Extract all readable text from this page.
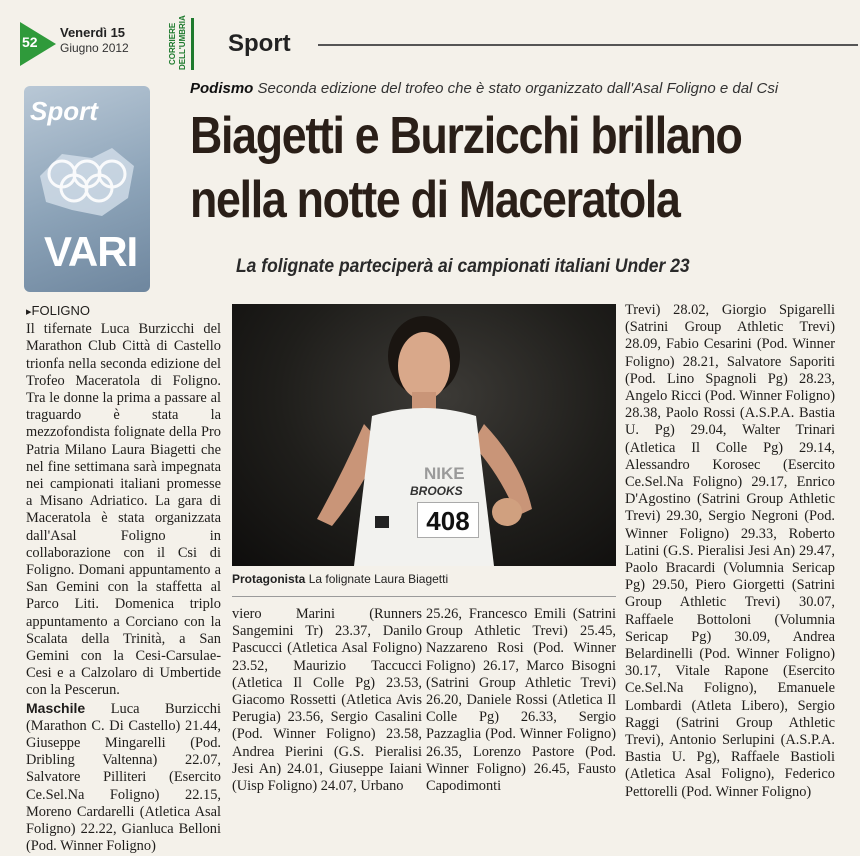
52
Venerdì 15
Giugno 2012	CORRIERE DELL'UMBRIA Sport
Sport
VARI
Podismo Seconda edizione del trofeo che è stato organizzato dall'Asal Foligno e dal Csi
Biagetti e Burzicchi brillano
nella notte di Maceratola
La folignate parteciperà ai campionati italiani Under 23
▸ FOLIGNO
Il tifernate Luca Burzicchi del Marathon Club Città di Castello trionfa nella seconda edizione del Trofeo Maceratola di Foligno. Tra le donne la prima a passare al traguardo è stata la mezzofondista folignate della Pro Patria Milano Laura Biagetti che nel fine settimana sarà impegnata nei campionati italiani promesse a Misano Adriatico. La gara di Maceratola è stata organizzata dall'Asal Foligno in collaborazione con il Csi di Foligno. Domani appuntamento a San Gemini con la staffetta al Parco Liti. Domenica triplo appuntamento a Corciano con la Scalata della Trinità, a San Gemini con la Cesi-Carsulae-Cesi e a Calzolaro di Umbertide con la Pescerun.
Maschile Luca Burzicchi (Marathon C. Di Castello) 21.44, Giuseppe Mingarelli (Pod. Dribling Valtenna) 22.07, Salvatore Pilliteri (Esercito Ce.Sel.Na Foligno) 22.15, Moreno Cardarelli (Atletica Asal Foligno) 22.22, Gianluca Belloni (Pod. Winner Foligno)
NIKE
BROOKS
408
Protagonista La folignate Laura Biagetti
viero Marini (Runners Sangemini Tr) 23.37, Danilo Pascucci (Atletica Asal Foligno) 23.52, Maurizio Taccucci (Atletica Il Colle Pg) 23.53, Giacomo Rossetti (Atletica Avis Perugia) 23.56, Sergio Casalini (Pod. Winner Foligno) 23.58, Andrea Pierini (G.S. Pieralisi Jesi An) 24.01, Giuseppe Iaiani (Uisp Foligno) 24.07, Urbano
25.26, Francesco Emili (Satrini Group Athletic Trevi) 25.45, Nazzareno Rosi (Pod. Winner Foligno) 26.17, Marco Bisogni (Satrini Group Athletic Trevi) 26.20, Daniele Rossi (Atletica Il Colle Pg) 26.33, Sergio Pazzaglia (Pod. Winner Foligno) 26.35, Lorenzo Pastore (Pod. Winner Foligno) 26.45, Fausto Capodimonti
Trevi) 28.02, Giorgio Spigarelli (Satrini Group Athletic Trevi) 28.09, Fabio Cesarini (Pod. Winner Foligno) 28.21, Salvatore Saporiti (Pod. Lino Spagnoli Pg) 28.23, Angelo Ricci (Pod. Winner Foligno) 28.38, Paolo Rossi (A.S.P.A. Bastia U. Pg) 29.04, Walter Trinari (Atletica Il Colle Pg) 29.14, Alessandro Korosec (Esercito Ce.Sel.Na Foligno) 29.17, Enrico D'Agostino (Satrini Group Athletic Trevi) 29.30, Sergio Negroni (Pod. Winner Foligno) 29.33, Roberto Latini (G.S. Pieralisi Jesi An) 29.47, Paolo Bracardi (Volumnia Sericap Pg) 29.50, Piero Giorgetti (Satrini Group Athletic Trevi) 30.07, Raffaele Bottoloni (Volumnia Sericap Pg) 30.09, Andrea Belardinelli (Pod. Winner Foligno) 30.17, Vitale Rapone (Esercito Ce.Sel.Na Foligno), Emanuele Lombardi (Atleta Libero), Sergio Raggi (Satrini Group Athletic Trevi), Antonio Serlupini (A.S.P.A. Bastia U. Pg), Raffaele Bastioli (Atletica Asal Foligno), Federico Pettorelli (Pod. Winner Foligno)
